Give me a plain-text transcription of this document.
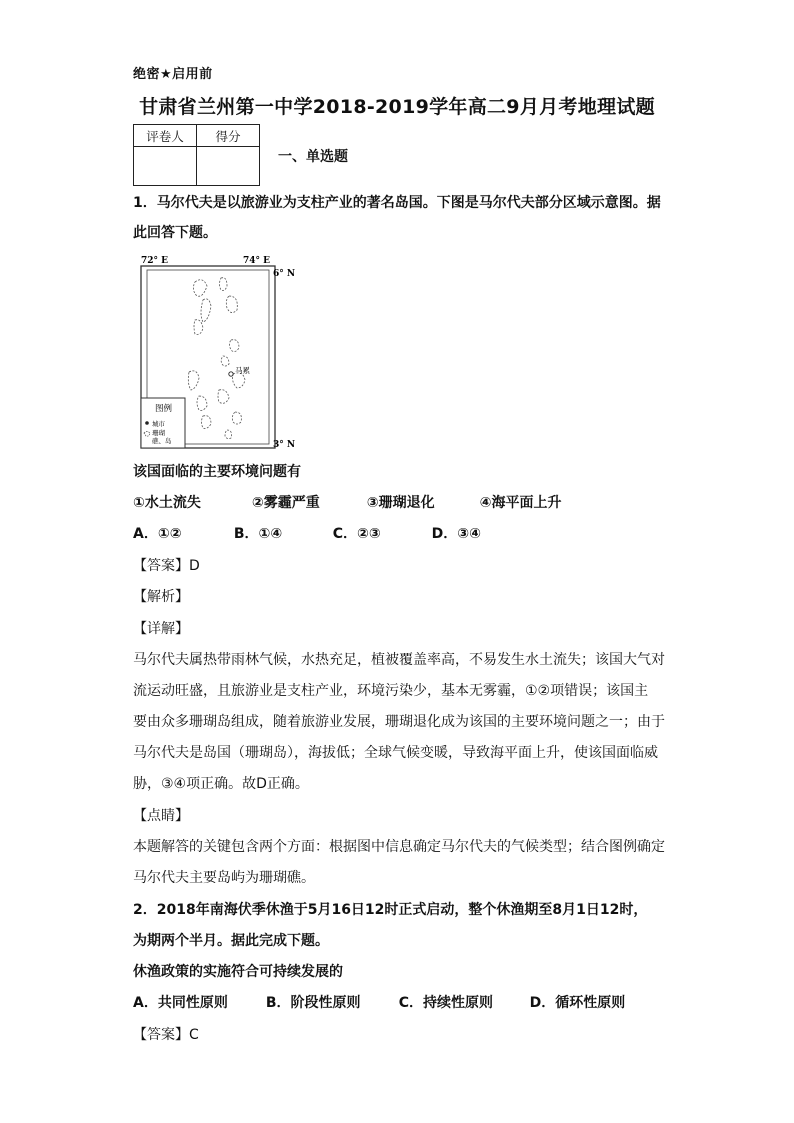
绝密★启用前
甘肃省兰州第一中学2018-2019学年高二9月月考地理试题
评卷人	得分

一、单选题
1．马尔代夫是以旅游业为支柱产业的著名岛国。下图是马尔代夫部分区域示意图。据
此回答下题。
72° E	74° E
6° N
3° N
马累
图例
城市
珊瑚
礁、岛
该国面临的主要环境问题有
①水土流失	②雾霾严重	③珊瑚退化	④海平面上升
A．①②	B．①④	C．②③	D．③④
【答案】D
【解析】
【详解】
马尔代夫属热带雨林气候，水热充足，植被覆盖率高，不易发生水土流失；该国大气对
流运动旺盛，且旅游业是支柱产业，环境污染少，基本无雾霾，①②项错误；该国主
要由众多珊瑚岛组成，随着旅游业发展，珊瑚退化成为该国的主要环境问题之一；由于
马尔代夫是岛国（珊瑚岛），海拔低；全球气候变暖，导致海平面上升，使该国面临威
胁，③④项正确。故D正确。
【点睛】
本题解答的关键包含两个方面：根据图中信息确定马尔代夫的气候类型；结合图例确定
马尔代夫主要岛屿为珊瑚礁。
2．2018年南海伏季休渔于5月16日12时正式启动，整个休渔期至8月1日12时，
为期两个半月。据此完成下题。
休渔政策的实施符合可持续发展的
A．共同性原则	B．阶段性原则	C．持续性原则	D．循环性原则
【答案】C
